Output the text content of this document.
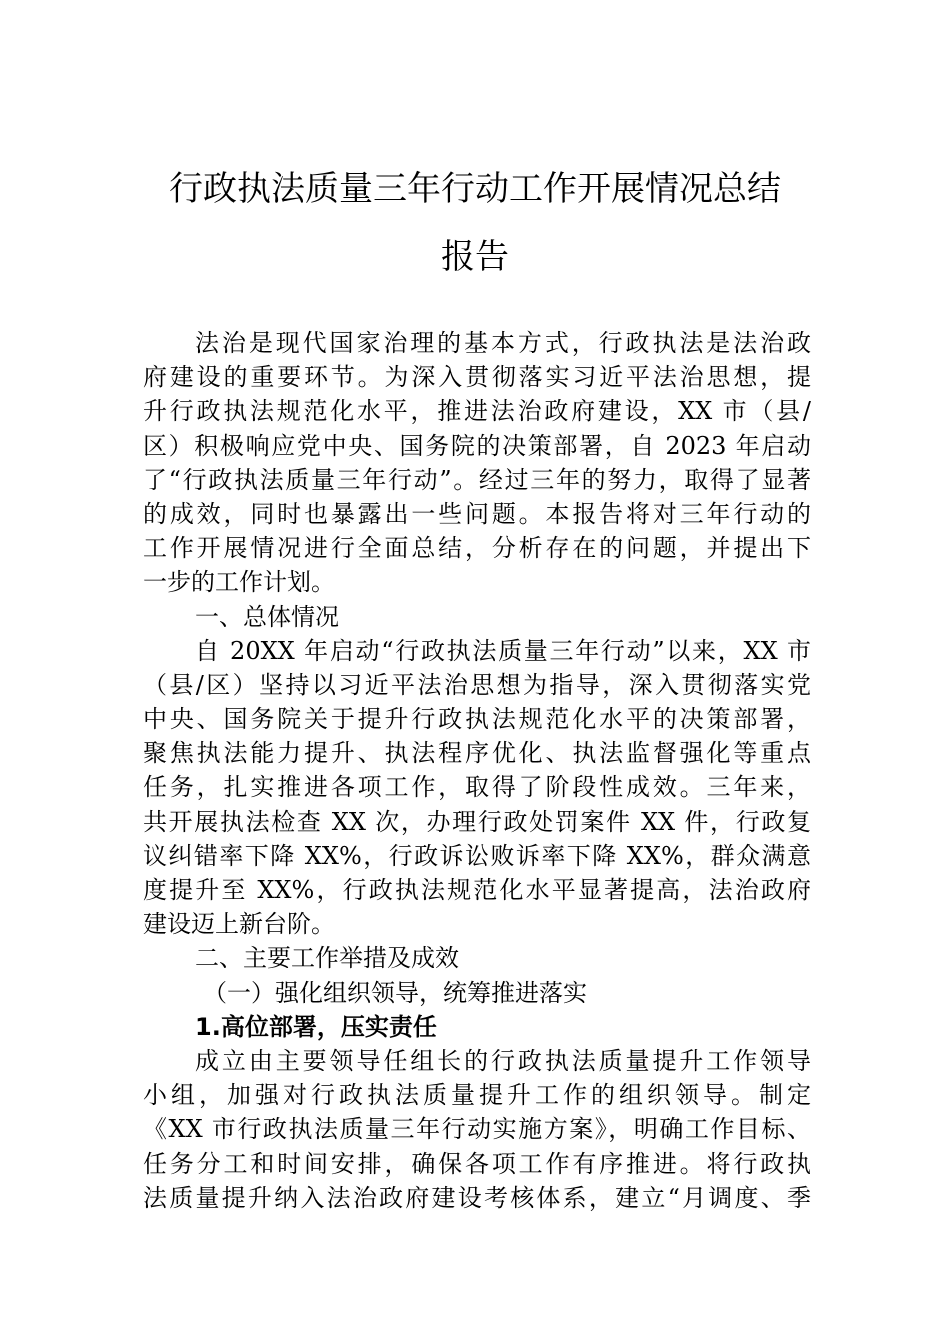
行政执法质量三年行动工作开展情况总结
报告
法治是现代国家治理的基本方式，行政执法是法治政
府建设的重要环节。为深入贯彻落实习近平法治思想，提
升行政执法规范化水平，推进法治政府建设，XX 市（县/
区）积极响应党中央、国务院的决策部署，自 2023 年启动
了“行政执法质量三年行动”。经过三年的努力，取得了显著
的成效，同时也暴露出一些问题。本报告将对三年行动的
工作开展情况进行全面总结，分析存在的问题，并提出下
一步的工作计划。
一、总体情况
自 20XX 年启动“行政执法质量三年行动”以来，XX 市
（县/区）坚持以习近平法治思想为指导，深入贯彻落实党
中央、国务院关于提升行政执法规范化水平的决策部署，
聚焦执法能力提升、执法程序优化、执法监督强化等重点
任务，扎实推进各项工作，取得了阶段性成效。三年来，
共开展执法检查 XX 次，办理行政处罚案件 XX 件，行政复
议纠错率下降 XX%，行政诉讼败诉率下降 XX%，群众满意
度提升至 XX%，行政执法规范化水平显著提高，法治政府
建设迈上新台阶。
二、主要工作举措及成效
（一）强化组织领导，统筹推进落实
1.高位部署，压实责任
成立由主要领导任组长的行政执法质量提升工作领导
小组，加强对行政执法质量提升工作的组织领导。制定
《XX 市行政执法质量三年行动实施方案》，明确工作目标、
任务分工和时间安排，确保各项工作有序推进。将行政执
法质量提升纳入法治政府建设考核体系，建立“月调度、季
